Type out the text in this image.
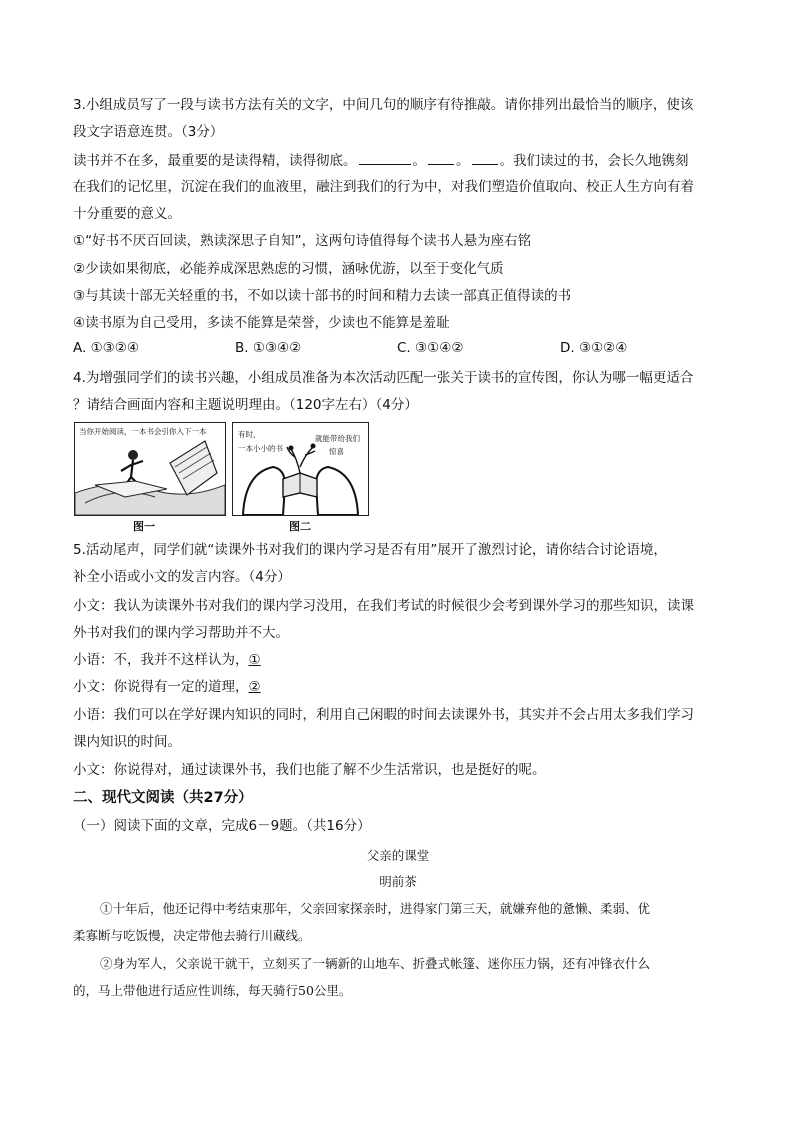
3.小组成员写了一段与读书方法有关的文字，中间几句的顺序有待推敲。请你排列出最恰当的顺序，使该
段文字语意连贯。（3分）
读书并不在多，最重要的是读得精，读得彻底。	。 。 。我们读过的书，会长久地镌刻
在我们的记忆里，沉淀在我们的血液里，融注到我们的行为中，对我们塑造价值取向、校正人生方向有着
十分重要的意义。
①“好书不厌百回读，熟读深思子自知”，这两句诗值得每个读书人悬为座右铭
②少读如果彻底，必能养成深思熟虑的习惯，涵咏优游，以至于变化气质
③与其读十部无关轻重的书，不如以读十部书的时间和精力去读一部真正值得读的书
④读书原为自己受用，多读不能算是荣誉，少读也不能算是羞耻
A. ①③②④	B. ①③④②	C. ③①④②	D. ③①②④
4.为增强同学们的读书兴趣，小组成员准备为本次活动匹配一张关于读书的宣传图，你认为哪一幅更适合
？请结合画面内容和主题说明理由。（120字左右）（4分）
当你开始阅读，一本书会引你入下一本
图一
有时，
一本小小的书
就能带给我们
惊喜
图二
5.活动尾声，同学们就“读课外书对我们的课内学习是否有用”展开了激烈讨论，请你结合讨论语境，
补全小语或小文的发言内容。（4分）
小文：我认为读课外书对我们的课内学习没用，在我们考试的时候很少会考到课外学习的那些知识，读课
外书对我们的课内学习帮助并不大。
小语：不，我并不这样认为，①
小文：你说得有一定的道理，②
小语：我们可以在学好课内知识的同时，利用自己闲暇的时间去读课外书，其实并不会占用太多我们学习
课内知识的时间。
小文：你说得对，通过读课外书，我们也能了解不少生活常识，也是挺好的呢。
二、现代文阅读（共27分）
（一）阅读下面的文章，完成6－9题。（共16分）
父亲的课堂
明前茶
①十年后，他还记得中考结束那年，父亲回家探亲时，进得家门第三天，就嫌弃他的惫懒、柔弱、优
柔寡断与吃饭慢，决定带他去骑行川藏线。
②身为军人，父亲说干就干，立刻买了一辆新的山地车、折叠式帐篷、迷你压力锅，还有冲锋衣什么
的，马上带他进行适应性训练，每天骑行50公里。
